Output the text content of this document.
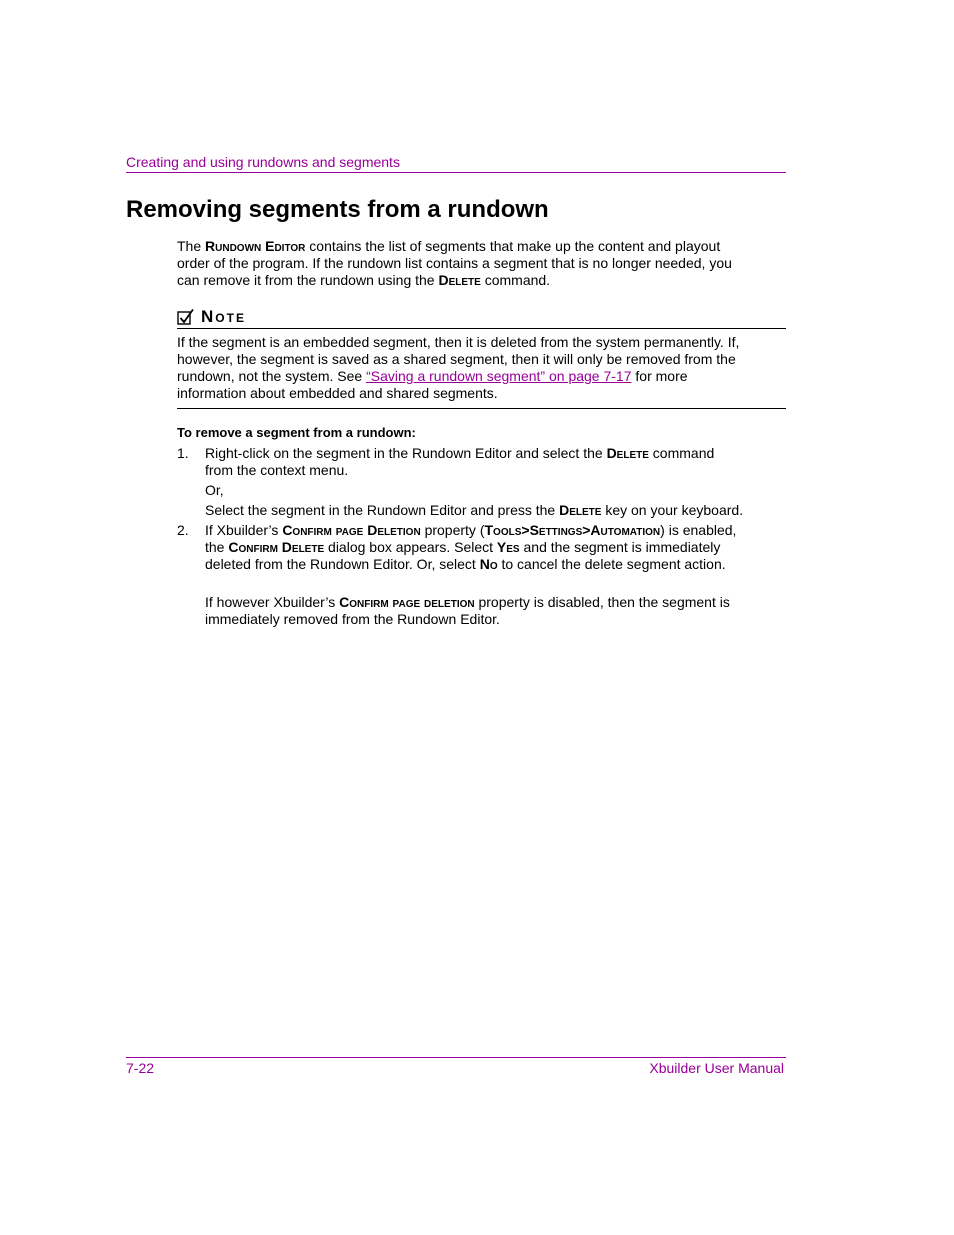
Creating and using rundowns and segments
Removing segments from a rundown
The Rundown Editor contains the list of segments that make up the content and playout order of the program. If the rundown list contains a segment that is no longer needed, you can remove it from the rundown using the Delete command.
Note
If the segment is an embedded segment, then it is deleted from the system permanently. If, however, the segment is saved as a shared segment, then it will only be removed from the rundown, not the system. See “Saving a rundown segment” on page 7-17 for more information about embedded and shared segments.
To remove a segment from a rundown:
1. Right-click on the segment in the Rundown Editor and select the Delete command from the context menu.
Or,
Select the segment in the Rundown Editor and press the Delete key on your keyboard.
2. If Xbuilder’s Confirm page Deletion property (Tools>Settings>Automation) is enabled, the Confirm Delete dialog box appears. Select Yes and the segment is immediately deleted from the Rundown Editor. Or, select No to cancel the delete segment action.
If however Xbuilder’s Confirm page deletion property is disabled, then the segment is immediately removed from the Rundown Editor.
7-22	Xbuilder User Manual
